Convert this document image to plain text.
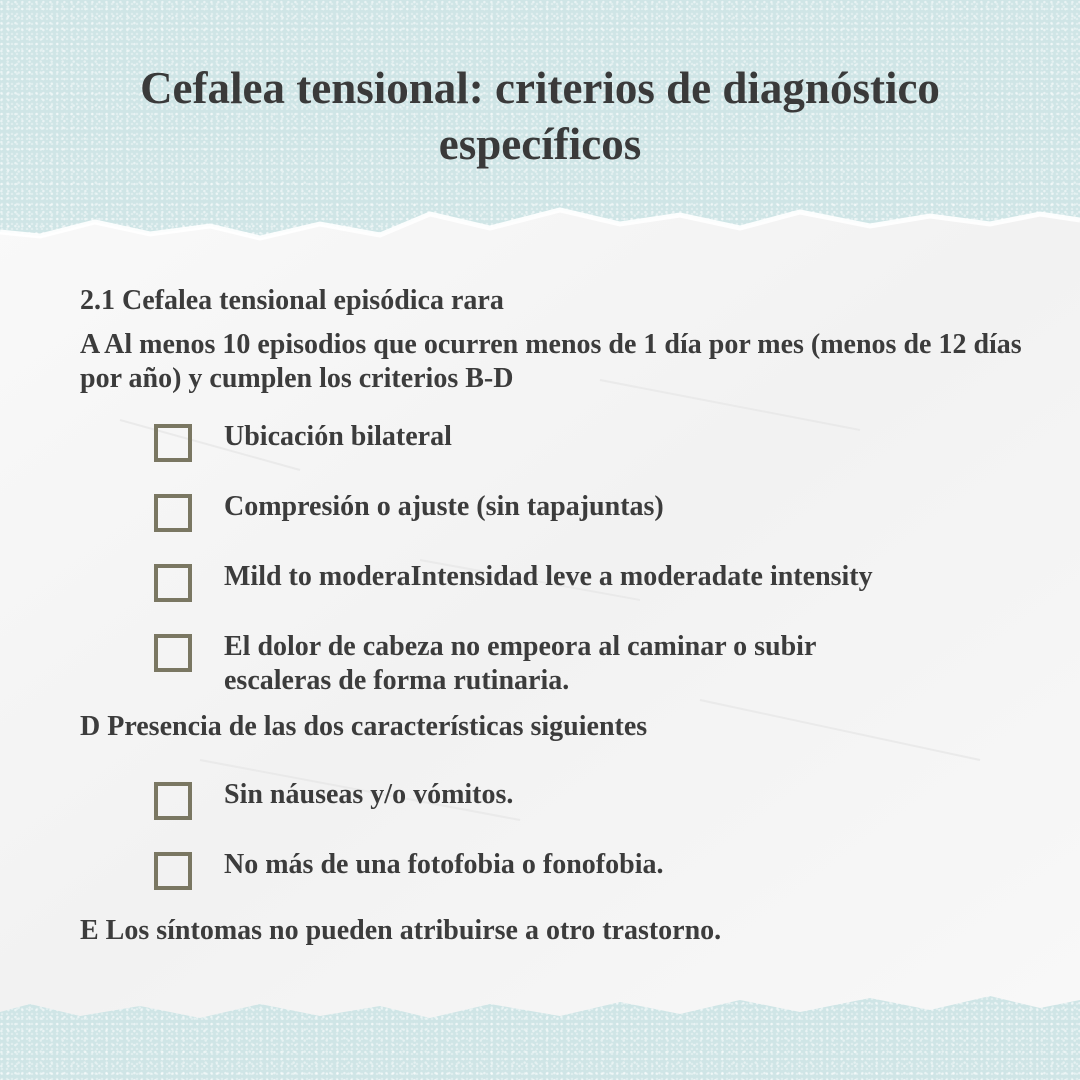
Cefalea tensional: criterios de diagnóstico específicos

2.1 Cefalea tensional episódica rara

A Al menos 10 episodios que ocurren menos de 1 día por mes (menos de 12 días por año) y cumplen los criterios B-D

Ubicación bilateral
Compresión o ajuste (sin tapajuntas)
Mild to moderaIntensidad leve a moderadate intensity
El dolor de cabeza no empeora al caminar o subir escaleras de forma rutinaria.

D Presencia de las dos características siguientes

Sin náuseas y/o vómitos.
No más de una fotofobia o fonofobia.

E Los síntomas no pueden atribuirse a otro trastorno.
